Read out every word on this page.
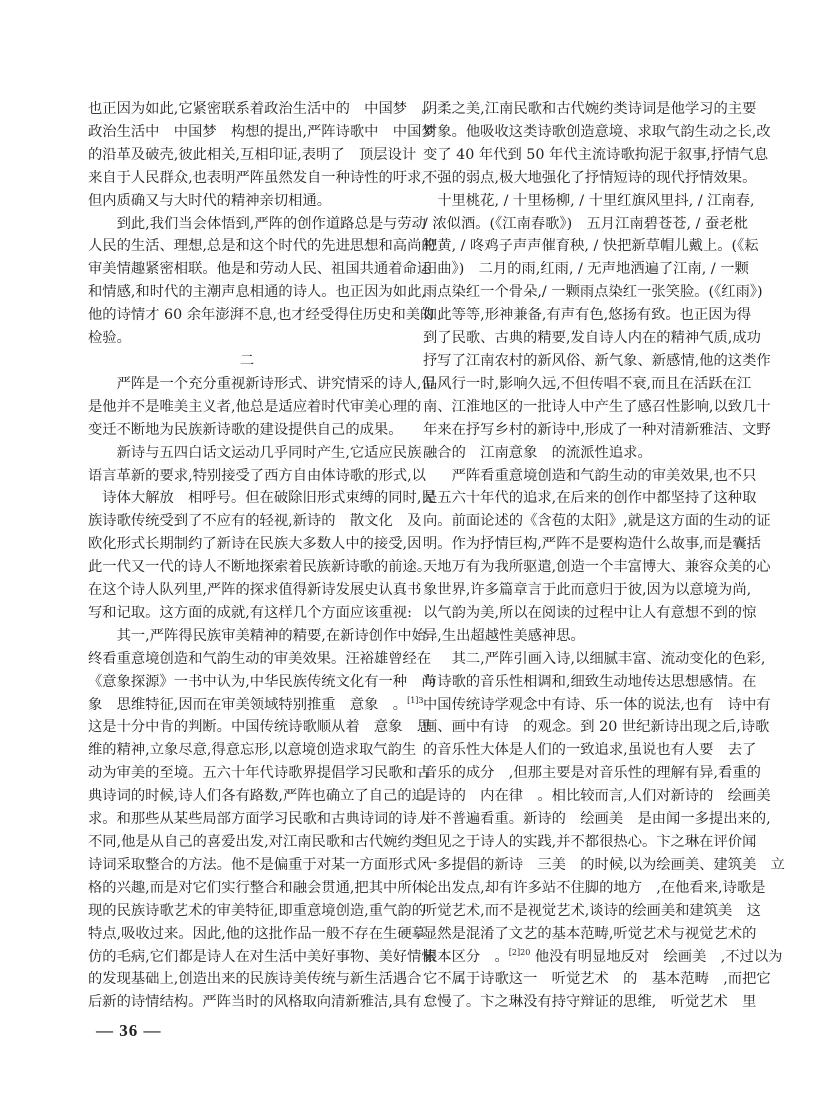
也正因为如此,它紧密联系着政治生活中的　中国梦　。
政治生活中　中国梦　构想的提出,严阵诗歌中　中国梦
的沿革及破壳,彼此相关,互相印证,表明了　顶层设计
来自于人民群众,也表明严阵虽然发自一种诗性的吁求,
但内质确又与大时代的精神亲切相通。
到此,我们当会体悟到,严阵的创作道路总是与劳动
人民的生活、理想,总是和这个时代的先进思想和高尚的
审美情趣紧密相联。他是和劳动人民、祖国共通着命运
和情感,和时代的主潮声息相通的诗人。也正因为如此,
他的诗情才 60 余年澎湃不息,也才经受得住历史和美的
检验。
二
严阵是一个充分重视新诗形式、讲究情采的诗人,但
是他并不是唯美主义者,他总是适应着时代审美心理的
变迁不断地为民族新诗歌的建设提供自己的成果。
新诗与五四白话文运动几乎同时产生,它适应民族
语言革新的要求,特别接受了西方自由体诗歌的形式,以
　诗体大解放　相呼号。但在破除旧形式束缚的同时,民
族诗歌传统受到了不应有的轻视,新诗的　散文化　及
欧化形式长期制约了新诗在民族大多数人中的接受,因
此一代又一代的诗人不断地探索着民族新诗歌的前途。
在这个诗人队列里,严阵的探求值得新诗发展史认真书
写和记取。这方面的成就,有这样几个方面应该重视:
其一,严阵得民族审美精神的精要,在新诗创作中始
终看重意境创造和气韵生动的审美效果。汪裕雄曾经在
《意象探源》一书中认为,中华民族传统文化有一种　尚
象　思维特征,因而在审美领域特别推重　意象　。$^{[1]3}$
这是十分中肯的判断。中国传统诗歌顺从着　意象　思
维的精神,立象尽意,得意忘形,以意境创造求取气韵生
动为审美的至境。五六十年代诗歌界提倡学习民歌和古
典诗词的时候,诗人们各有路数,严阵也确立了自己的追
求。和那些从某些局部方面学习民歌和古典诗词的诗人
不同,他是从自己的喜爱出发,对江南民歌和古代婉约类
诗词采取整合的方法。他不是偏重于对某一方面形式风
格的兴趣,而是对它们实行整合和融会贯通,把其中所体
现的民族诗歌艺术的审美特征,即重意境创造,重气韵的
特点,吸收过来。因此,他的这批作品一般不存在生硬摹
仿的毛病,它们都是诗人在对生活中美好事物、美好情愫
的发现基础上,创造出来的民族诗美传统与新生活遇合
后新的诗情结构。严阵当时的风格取向清新雅洁,具有
阴柔之美,江南民歌和古代婉约类诗词是他学习的主要
对象。他吸收这类诗歌创造意境、求取气韵生动之长,改
变了 40 年代到 50 年代主流诗歌拘泥于叙事,抒情气息
不强的弱点,极大地强化了抒情短诗的现代抒情效果。
　十里桃花, / 十里杨柳, / 十里红旗风里抖, / 江南春,
/ 浓似酒。(《江南春歌》)　五月江南碧苍苍, / 蚕老枇
杷黄, / 咚鸡子声声催育秧, / 快把新草帽儿戴上。(《耘
田曲》)　二月的雨,红雨, / 无声地洒遍了江南, / 一颗
雨点染红一个骨朵,/ 一颗雨点染红一张笑脸。(《红雨》)
如此等等,形神兼备,有声有色,悠扬有致。也正因为得
到了民歌、古典的精要,发自诗人内在的精神气质,成功
抒写了江南农村的新风俗、新气象、新感情,他的这类作
品风行一时,影响久远,不但传唱不衰,而且在活跃在江
南、江淮地区的一批诗人中产生了感召性影响,以致几十
年来在抒写乡村的新诗中,形成了一种对清新雅洁、文野
融合的　江南意象　的流派性追求。
严阵看重意境创造和气韵生动的审美效果,也不只
是五六十年代的追求,在后来的创作中都坚持了这种取
向。前面论述的《含苞的太阳》,就是这方面的生动的证
明。作为抒情巨构,严阵不是要构造什么故事,而是囊括
天地万有为我所驱遣,创造一个丰富博大、兼容众美的心
象世界,许多篇章言于此而意归于彼,因为以意境为尚,
以气韵为美,所以在阅读的过程中让人有意想不到的惊
异,生出超越性美感神思。
其二,严阵引画入诗,以细腻丰富、流动变化的色彩,
与诗歌的音乐性相调和,细致生动地传达思想感情。在
中国传统诗学观念中有诗、乐一体的说法,也有　诗中有
画、画中有诗　的观念。到 20 世纪新诗出现之后,诗歌
的音乐性大体是人们的一致追求,虽说也有人要　去了
音乐的成分　,但那主要是对音乐性的理解有异,看重的
是诗的　内在律　。相比较而言,人们对新诗的　绘画美
并不普遍看重。新诗的　绘画美　是由闻一多提出来的,
但见之于诗人的实践,并不都很热心。卞之琳在评价闻
一多提倡的新诗　三美　的时候,以为绘画美、建筑美　立
论出发点,却有许多站不住脚的地方　,在他看来,诗歌是
听觉艺术,而不是视觉艺术,谈诗的绘画美和建筑美　这
显然是混淆了文艺的基本范畴,听觉艺术与视觉艺术的
根本区分　。$^{[2]20}$ 他没有明显地反对　绘画美　,不过以为
它不属于诗歌这一　听觉艺术　的　基本范畴　,而把它
怠慢了。卞之琳没有持守辩证的思维,　听觉艺术　里
— 36 —
